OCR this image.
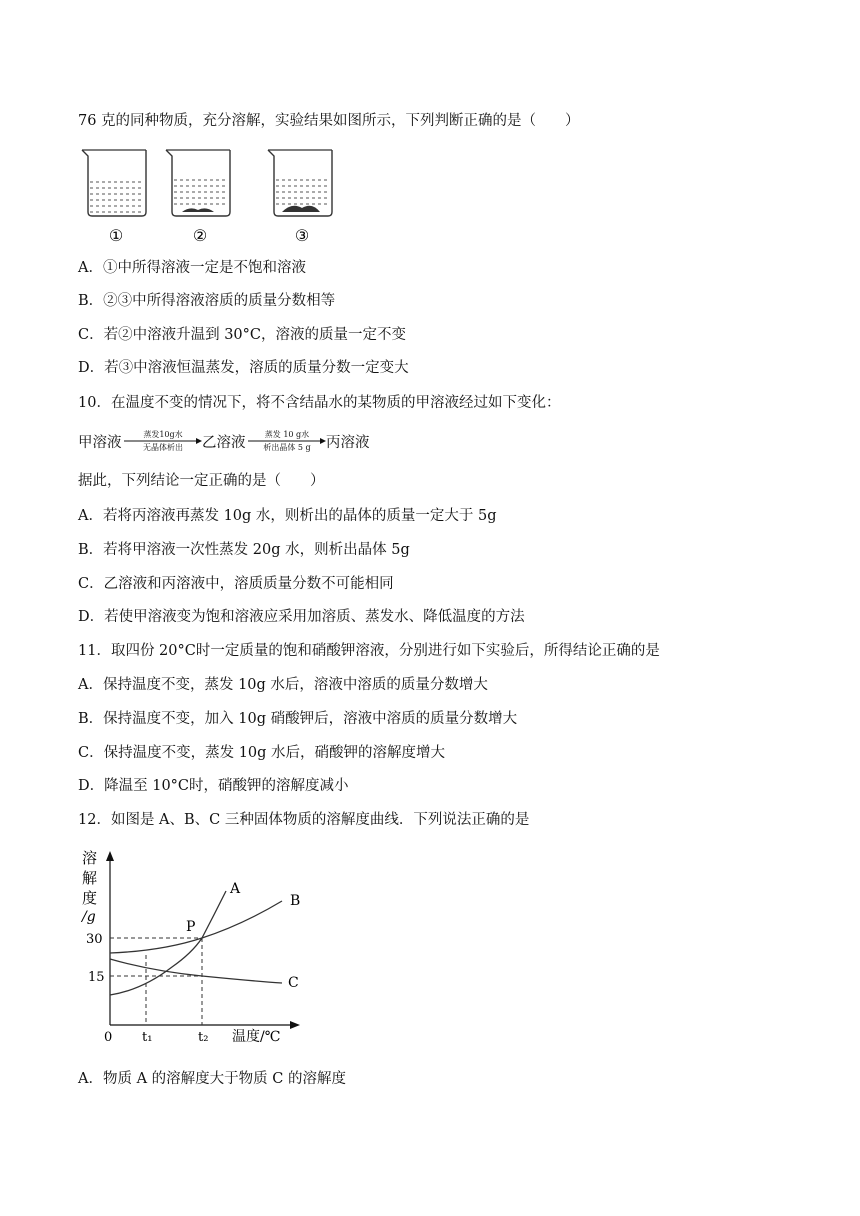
76 克的同种物质，充分溶解，实验结果如图所示，下列判断正确的是（　　）
①	②	③
A．①中所得溶液一定是不饱和溶液
B．②③中所得溶液溶质的质量分数相等
C．若②中溶液升温到 30°C，溶液的质量一定不变
D．若③中溶液恒温蒸发，溶质的质量分数一定变大
10．在温度不变的情况下，将不含结晶水的某物质的甲溶液经过如下变化：
甲溶液
蒸发10g水
无晶体析出	乙溶液
蒸发 10 g水
析出晶体 5 g	丙溶液
据此，下列结论一定正确的是（　　）
A．若将丙溶液再蒸发 10g 水，则析出的晶体的质量一定大于 5g
B．若将甲溶液一次性蒸发 20g 水，则析出晶体 5g
C．乙溶液和丙溶液中，溶质质量分数不可能相同
D．若使甲溶液变为饱和溶液应采用加溶质、蒸发水、降低温度的方法
11．取四份 20°C时一定质量的饱和硝酸钾溶液，分别进行如下实验后，所得结论正确的是
A．保持温度不变，蒸发 10g 水后，溶液中溶质的质量分数增大
B．保持温度不变，加入 10g 硝酸钾后，溶液中溶质的质量分数增大
C．保持温度不变，蒸发 10g 水后，硝酸钾的溶解度增大
D．降温至 10°C时，硝酸钾的溶解度减小
12．如图是 A、B、C 三种固体物质的溶解度曲线．下列说法正确的是
溶
解
度
/g
30
15
0 t₁	t₂ 温度/℃
A
B
C
P
A．物质 A 的溶解度大于物质 C 的溶解度
